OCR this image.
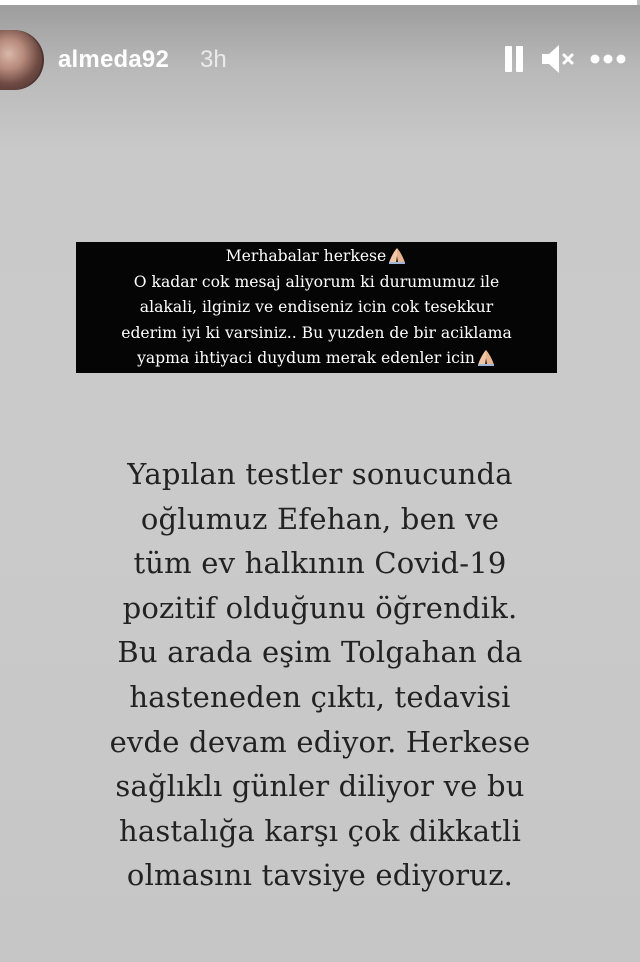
almeda92 3h
Merhabalar herkese
O kadar cok mesaj aliyorum ki durumumuz ile
alakali, ilginiz ve endiseniz icin cok tesekkur
ederim iyi ki varsiniz.. Bu yuzden de bir aciklama
yapma ihtiyaci duydum merak edenler icin
Yapılan testler sonucunda
oğlumuz Efehan, ben ve
tüm ev halkının Covid-19
pozitif olduğunu öğrendik.
Bu arada eşim Tolgahan da
hasteneden çıktı, tedavisi
evde devam ediyor. Herkese
sağlıklı günler diliyor ve bu
hastalığa karşı çok dikkatli
olmasını tavsiye ediyoruz.
